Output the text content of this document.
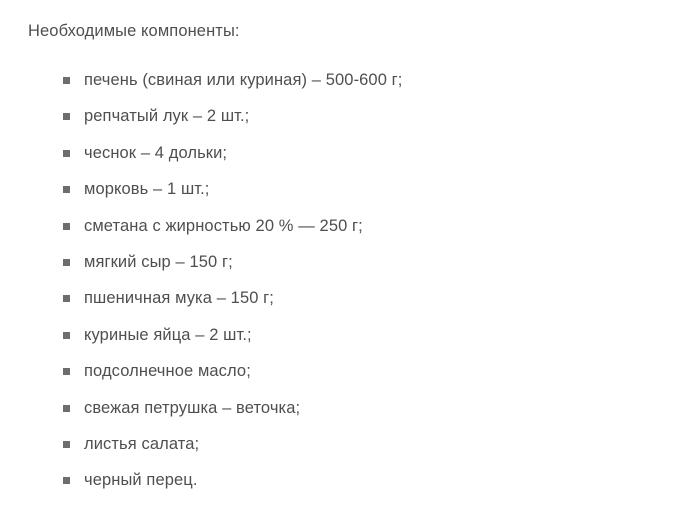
Необходимые компоненты:

печень (свиная или куриная) – 500-600 г;
репчатый лук – 2 шт.;
чеснок – 4 дольки;
морковь – 1 шт.;
сметана с жирностью 20 % — 250 г;
мягкий сыр – 150 г;
пшеничная мука – 150 г;
куриные яйца – 2 шт.;
подсолнечное масло;
свежая петрушка – веточка;
листья салата;
черный перец.
